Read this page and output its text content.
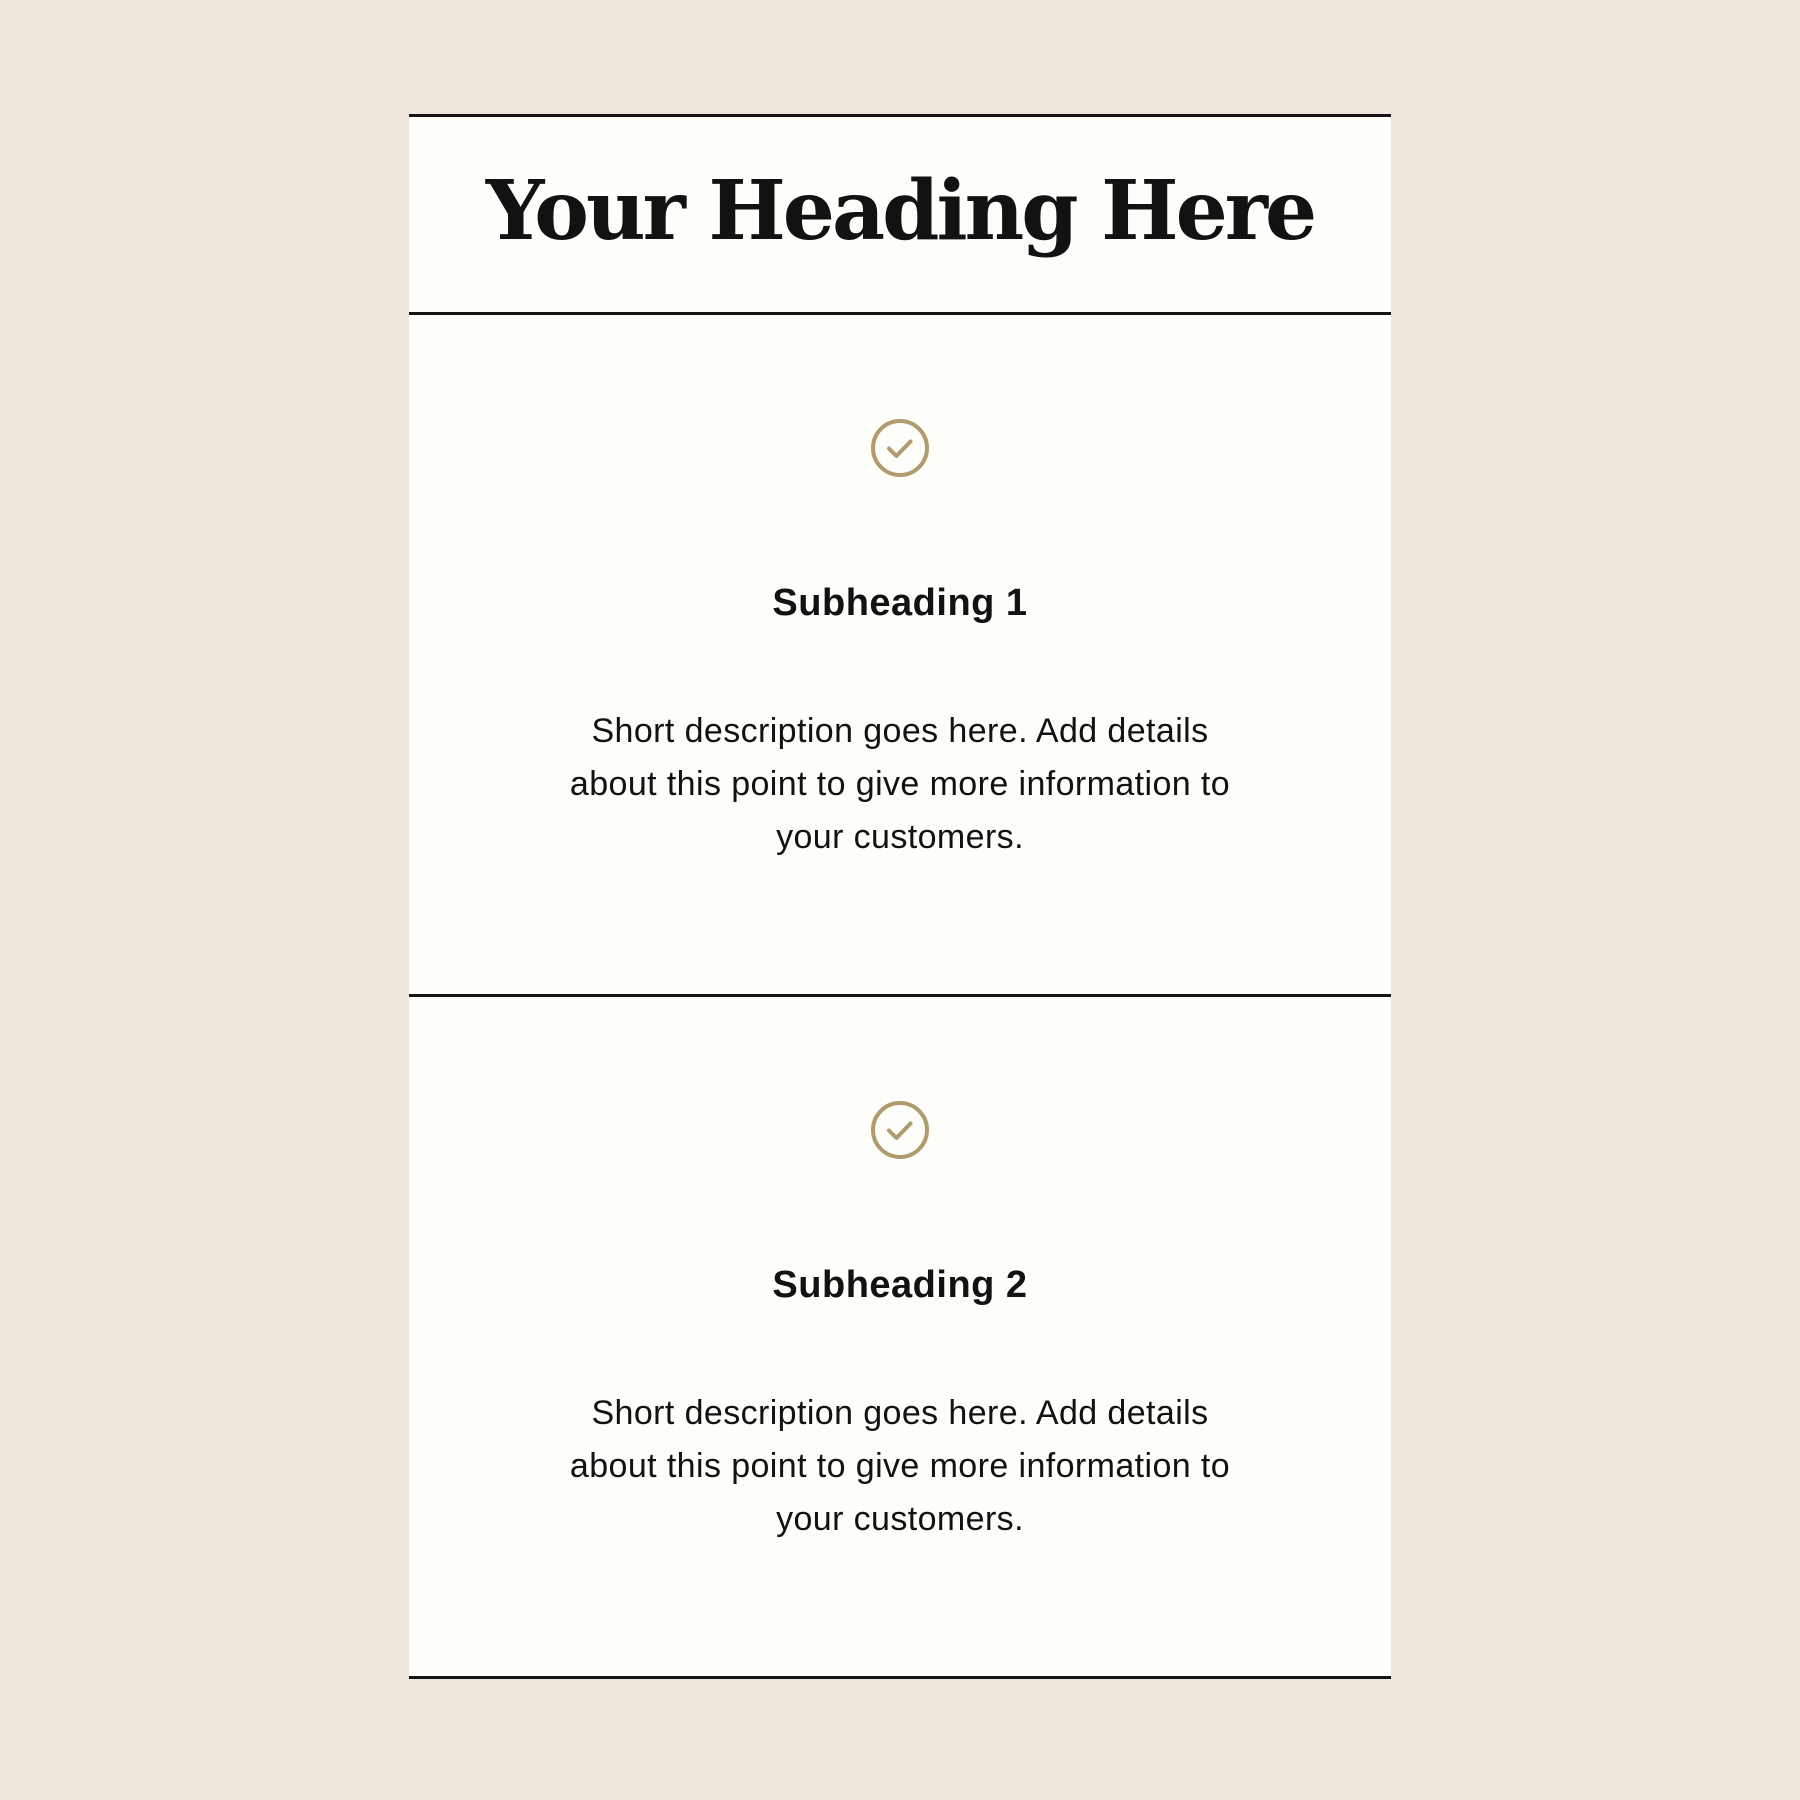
Your Heading Here
Subheading 1

Short description goes here. Add details about this point to give more information to your customers.

Subheading 2

Short description goes here. Add details about this point to give more information to your customers.
